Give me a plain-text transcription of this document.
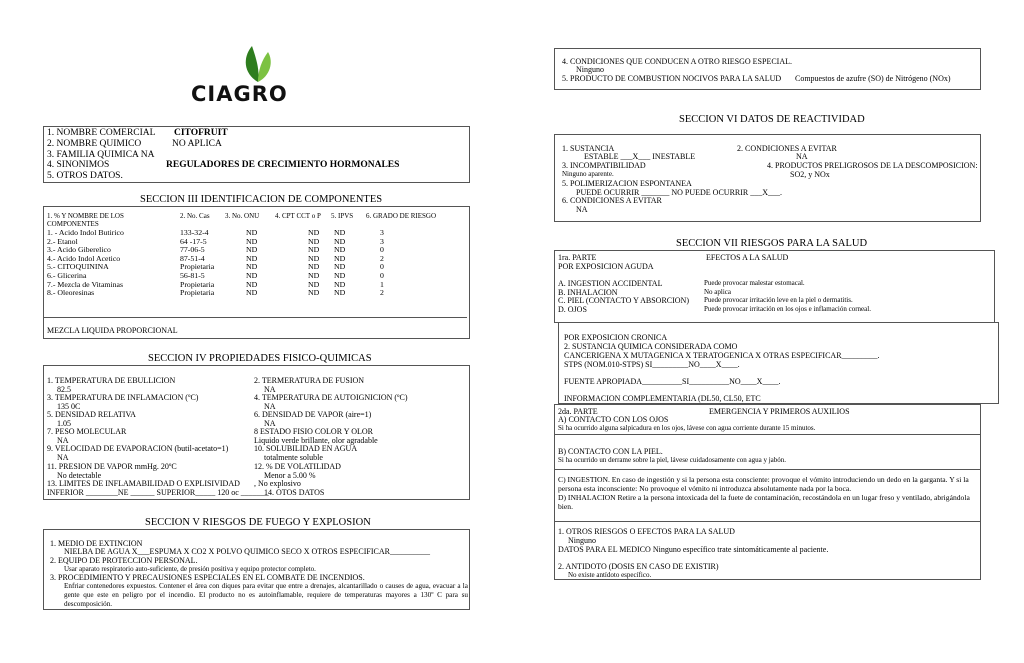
CIAGRO
1. NOMBRE COMERCIAL CITOFRUIT
2. NOMBRE QUIMICO	NO APLICA
3. FAMILIA QUIMICA NA
4. SINONIMOS	REGULADORES DE CRECIMIENTO HORMONALES
5. OTROS DATOS.
SECCION III IDENTIFICACION DE COMPONENTES
1. % Y NOMBRE DE LOS COMPONENTES
2. No. Cas 3. No. ONU 4. CPT CCT o P 5. IPVS 6. GRADO DE RIESGO
1. - Acido Indol Butirico	133-32-4	ND	ND	ND	3
2.- Etanol	64 -17-5	ND	ND	ND	3
3.- Acido Giberelico	77-06-5	ND	ND	ND	0
4.- Acido Indol Acetico	87-51-4	ND	ND	ND	2
5.- CITOQUININA	Propietaria	ND	ND	ND	0
6.- Glicerina	56-81-5	ND	ND	ND	0
7.- Mezcla de Vitaminas	Propietaria	ND	ND	ND	1
8.- Oleoresinas	Propietaria	ND	ND	ND	2
MEZCLA LIQUIDA PROPORCIONAL
SECCION IV PROPIEDADES FISICO-QUIMICAS
1. TEMPERATURA DE EBULLICION
82.5
3. TEMPERATURA DE INFLAMACION (ºC)
135 0C
5. DENSIDAD RELATIVA
1.05
7. PESO MOLECULAR
NA
9. VELOCIDAD DE EVAPORACION (butil-acetato=1)
NA
11. PRESION DE VAPOR mmHg. 20ºC
No detectable
13. LIMITES DE INFLAMABILIDAD O EXPLISIVIDAD
INFERIOR ________NE ______ SUPERIOR_____ 120 oc _______
2. TERMERATURA DE FUSION
NA
4. TEMPERATURA DE AUTOIGNICION (ºC)
NA
6. DENSIDAD DE VAPOR (aire=1)
NA
8 ESTADO FISIO COLOR Y OLOR
Liquido verde brillante, olor agradable
10. SOLUBILIDAD EN AGUA
totalmente soluble
12. % DE VOLATILIDAD
Menor a 5.00 %
, No explosivo
14. OTOS DATOS
SECCION V RIESGOS DE FUEGO Y EXPLOSION
1. MEDIO DE EXTINCION
NIELBA DE AGUA X___ESPUMA X CO2 X POLVO QUIMICO SECO X OTROS ESPECIFICAR__________
2. EQUIPO DE PROTECCION PERSONAL.
Usar aparato respiratorio auto-suficiente, de presión positiva y equipo protector completo.
3. PROCEDIMIENTO Y PRECAUSIONES ESPECIALES EN EL COMBATE DE INCENDIOS.
Enfriar contenedores expuestos. Contener el área con diques para evitar que entre a drenajes, alcantarillado o causes de agua, evacuar a la gente que este en peligro por el incendio. El producto no es autoinflamable, requiere de temperaturas mayores a 130º C para su descomposición.
4. CONDICIONES QUE CONDUCEN A OTRO RIESGO ESPECIAL.
Ninguno
5. PRODUCTO DE COMBUSTION NOCIVOS PARA LA SALUD Compuestos de azufre (SO) de Nitrógeno (NOx)
SECCION VI DATOS DE REACTIVIDAD
1. SUSTANCIA
ESTABLE ___X___ INESTABLE
2. CONDICIONES A EVITAR
NA
3. INCOMPATIBILIDAD
Ninguno aparente.
4. PRODUCTOS PRELIGROSOS DE LA DESCOMPOSICION:
SO2, y NOx
5. POLIMERIZACION ESPONTANEA
PUEDE OCURRIR _______ NO PUEDE OCURRIR ___X___.
6. CONDICIONES A EVITAR
NA
SECCION VII RIESGOS PARA LA SALUD
1ra. PARTE	EFECTOS A LA SALUD
POR EXPOSICION AGUDA
A. INGESTION ACCIDENTAL	Puede provocar malestar estomacal.
B. INHALACION	No aplica
C. PIEL (CONTACTO Y ABSORCION) Puede provocar irritación leve en la piel o dermatitis.
D. OJOS	Puede provocar irritación en los ojos e inflamación corneal.
POR EXPOSICION CRONICA
2. SUSTANCIA QUIMICA CONSIDERADA COMO
CANCERIGENA X MUTAGENICA X TERATOGENICA X OTRAS ESPECIFICAR_________.
STPS (NOM.010-STPS) SI_________NO____X____.
FUENTE APROPIADA__________SI__________NO____X____.
INFORMACION COMPLEMENTARIA (DL50, CL50, ETC
2da. PARTE	EMERGENCIA Y PRIMEROS AUXILIOS
A) CONTACTO CON LOS OJOS
Si ha ocurrido alguna salpicadura en los ojos, lávese con agua corriente durante 15 minutos.
B) CONTACTO CON LA PIEL.
Si ha ocurrido un derrame sobre la piel, lávese cuidadosamente con agua y jabón.
C) INGESTION. En caso de ingestión y si la persona esta consciente: provoque el vómito introduciendo un dedo en la garganta. Y si la persona esta inconsciente: No provoque el vómito ni introduzca absolutamente nada por la boca.
D) INHALACION Retire a la persona intoxicada del la fuete de contaminación, recostándola en un lugar freso y ventilado, abrigándola bien.
1. OTROS RIESGOS O EFECTOS PARA LA SALUD
Ninguno
DATOS PARA EL MEDICO Ninguno específico trate sintomáticamente al paciente.
2. ANTIDOTO (DOSIS EN CASO DE EXISTIR)
No existe antídoto específico.
